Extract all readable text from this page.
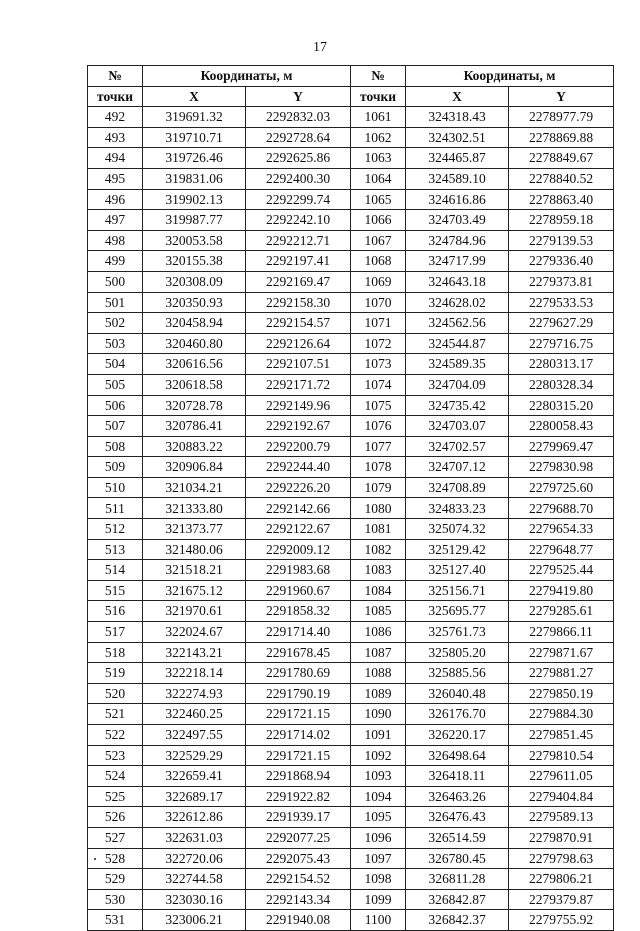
17
№	Координаты, м		№	Координаты, м	
точки	X	Y	точки	X	Y
492	319691.32	2292832.03	1061	324318.43	2278977.79
493	319710.71	2292728.64	1062	324302.51	2278869.88
494	319726.46	2292625.86	1063	324465.87	2278849.67
495	319831.06	2292400.30	1064	324589.10	2278840.52
496	319902.13	2292299.74	1065	324616.86	2278863.40
497	319987.77	2292242.10	1066	324703.49	2278959.18
498	320053.58	2292212.71	1067	324784.96	2279139.53
499	320155.38	2292197.41	1068	324717.99	2279336.40
500	320308.09	2292169.47	1069	324643.18	2279373.81
501	320350.93	2292158.30	1070	324628.02	2279533.53
502	320458.94	2292154.57	1071	324562.56	2279627.29
503	320460.80	2292126.64	1072	324544.87	2279716.75
504	320616.56	2292107.51	1073	324589.35	2280313.17
505	320618.58	2292171.72	1074	324704.09	2280328.34
506	320728.78	2292149.96	1075	324735.42	2280315.20
507	320786.41	2292192.67	1076	324703.07	2280058.43
508	320883.22	2292200.79	1077	324702.57	2279969.47
509	320906.84	2292244.40	1078	324707.12	2279830.98
510	321034.21	2292226.20	1079	324708.89	2279725.60
511	321333.80	2292142.66	1080	324833.23	2279688.70
512	321373.77	2292122.67	1081	325074.32	2279654.33
513	321480.06	2292009.12	1082	325129.42	2279648.77
514	321518.21	2291983.68	1083	325127.40	2279525.44
515	321675.12	2291960.67	1084	325156.71	2279419.80
516	321970.61	2291858.32	1085	325695.77	2279285.61
517	322024.67	2291714.40	1086	325761.73	2279866.11
518	322143.21	2291678.45	1087	325805.20	2279871.67
519	322218.14	2291780.69	1088	325885.56	2279881.27
520	322274.93	2291790.19	1089	326040.48	2279850.19
521	322460.25	2291721.15	1090	326176.70	2279884.30
522	322497.55	2291714.02	1091	326220.17	2279851.45
523	322529.29	2291721.15	1092	326498.64	2279810.54
524	322659.41	2291868.94	1093	326418.11	2279611.05
525	322689.17	2291922.82	1094	326463.26	2279404.84
526	322612.86	2291939.17	1095	326476.43	2279589.13
527	322631.03	2292077.25	1096	326514.59	2279870.91
528	322720.06	2292075.43	1097	326780.45	2279798.63
529	322744.58	2292154.52	1098	326811.28	2279806.21
530	323030.16	2292143.34	1099	326842.87	2279379.87
531	323006.21	2291940.08	1100	326842.37	2279755.92
